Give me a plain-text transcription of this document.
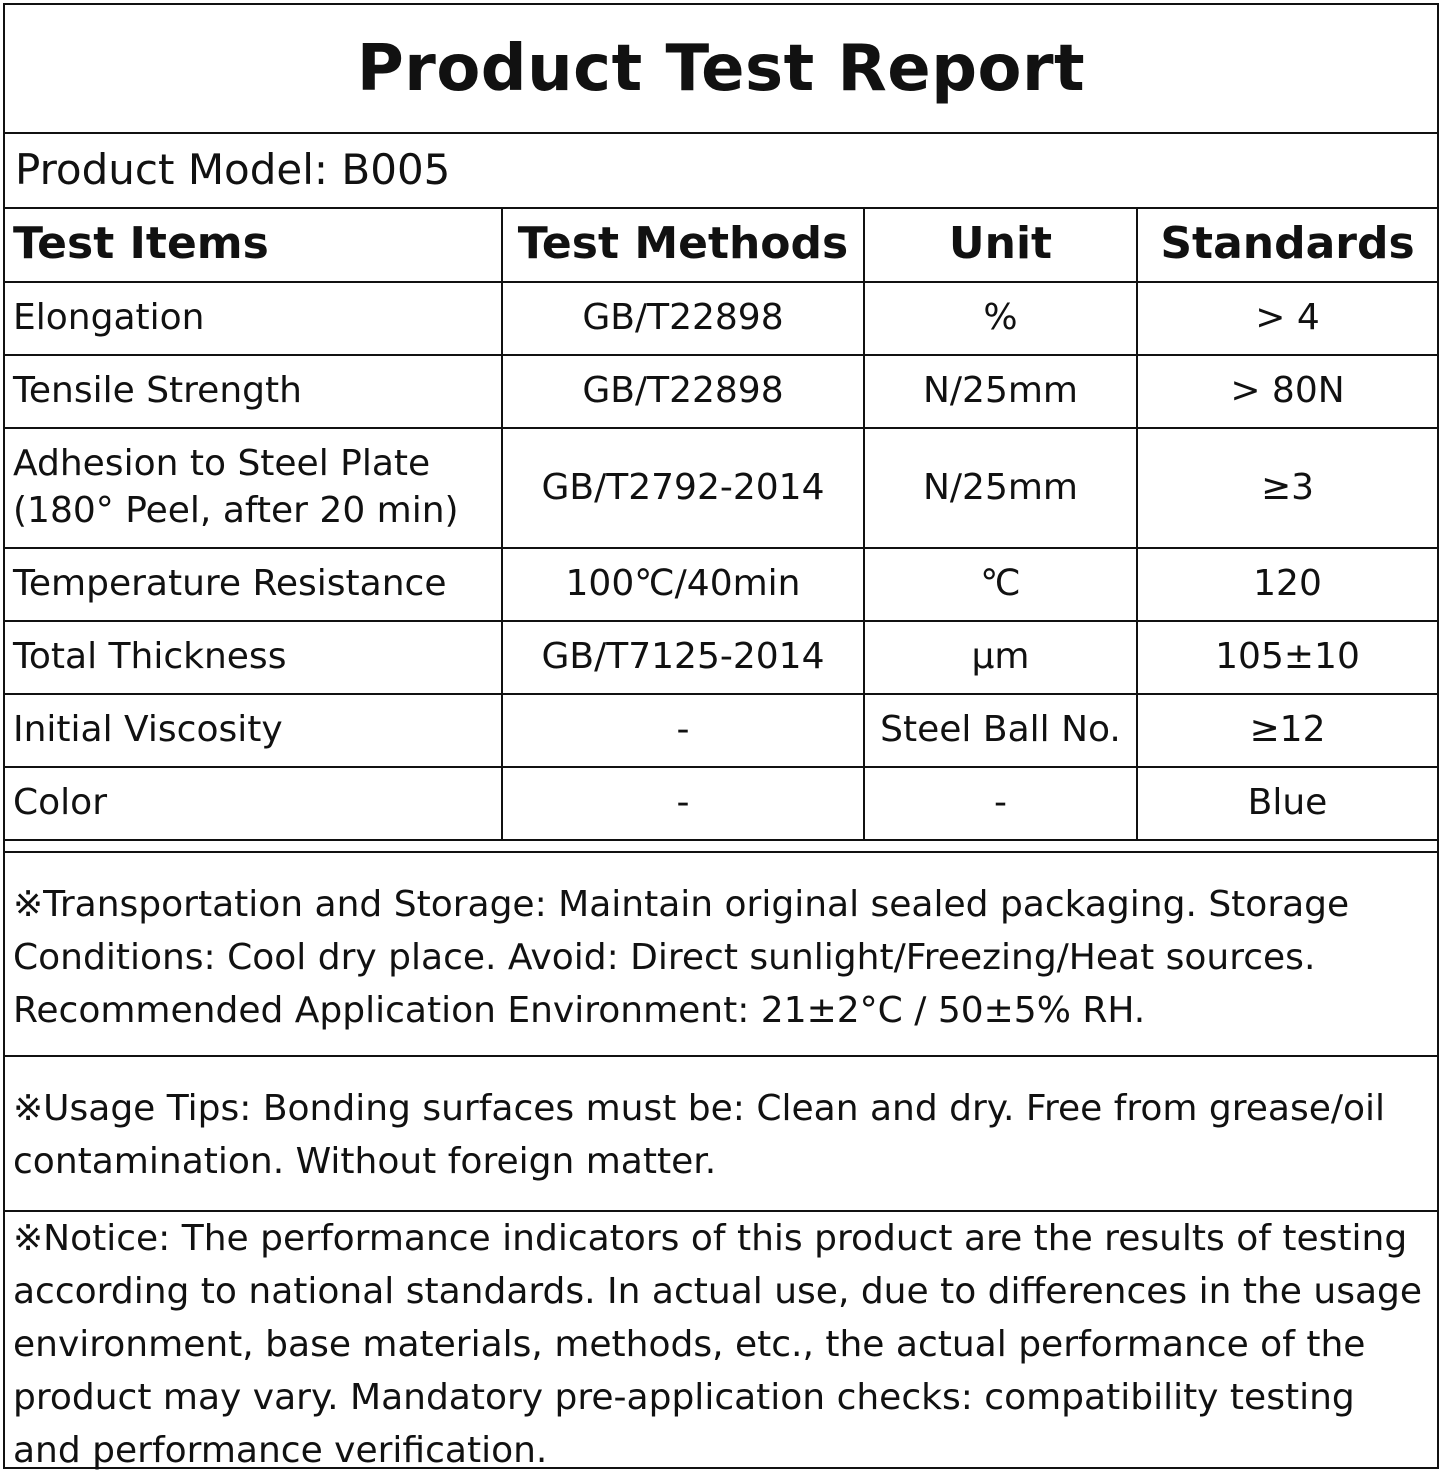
Product Test Report
Product Model: B005
Test Items	Test Methods	Unit	Standards
Elongation	GB/T22898	%	> 4
Tensile Strength	GB/T22898	N/25mm	> 80N

Adhesion to Steel Plate
(180° Peel, after 20 min)	GB/T2792-2014	N/25mm	≥3
Temperature Resistance	100℃/40min	℃	120
Total Thickness	GB/T7125-2014	μm	105±10
Initial Viscosity	-	Steel Ball No.	≥12
Color	-	-	Blue
※Transportation and Storage: Maintain original sealed packaging. Storage Conditions: Cool dry place. Avoid: Direct sunlight/Freezing/Heat sources. Recommended Application Environment: 21±2°C / 50±5% RH.
※Usage Tips: Bonding surfaces must be: Clean and dry. Free from grease/oil contamination. Without foreign matter.
※Notice: The performance indicators of this product are the results of testing according to national standards. In actual use, due to differences in the usage environment, base materials, methods, etc., the actual performance of the product may vary. Mandatory pre-application checks: compatibility testing and performance verification.
